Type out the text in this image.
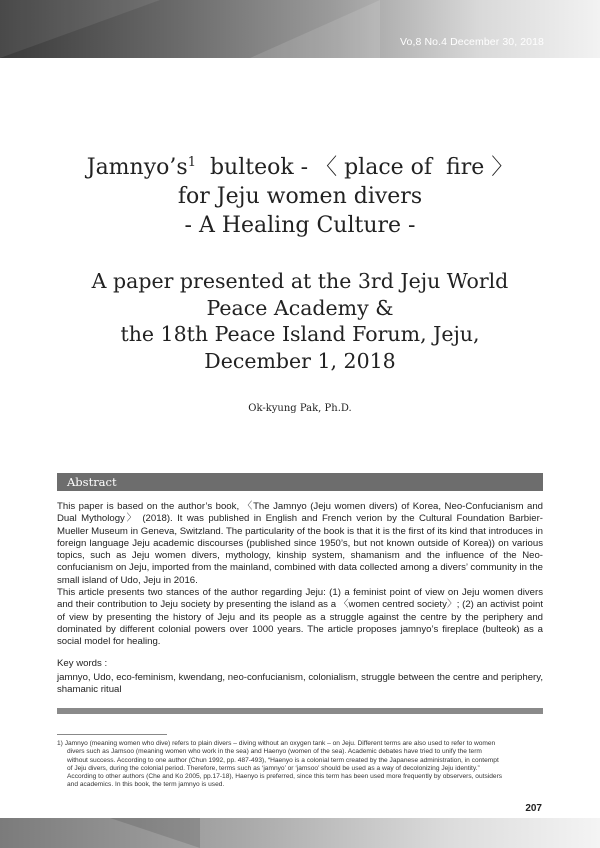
Vo,8 No.4 December 30, 2018
$Jamnyo’s^1$  bulteok - 〈 place of  fire 〉
for Jeju women divers
- A Healing Culture -
A paper presented at the 3rd Jeju World
Peace Academy &
the 18th Peace Island Forum, Jeju,
December 1, 2018
Ok-kyung Pak, Ph.D.
Abstract

This paper is based on the author’s book, 〈The Jamnyo (Jeju women divers) of Korea, Neo-Confucianism and Dual Mythology〉 (2018). It was published in English and French verion by the Cultural Foundation Barbier-Mueller Museum in Geneva, Switzland. The particularity of the book is that it is the first of its kind that introduces in foreign language Jeju academic discourses (published since 1950’s, but not known outside of Korea)) on various topics, such as Jeju women divers, mythology, kinship system, shamanism and the influence of the Neo-confucianism on Jeju, imported from the mainland, combined with data collected among a divers’ community in the small island of Udo, Jeju in 2016.

This article presents two stances of the author regarding Jeju: (1) a feminist point of view on Jeju women divers and their contribution to Jeju society by presenting the island as a 〈women centred society〉; (2) an activist point of view by presenting the history of Jeju and its people as a struggle against the centre by the periphery and dominated by different colonial powers over 1000 years. The article proposes jamnyo’s fireplace (bulteok) as a social model for healing.

Key words :
jamnyo, Udo, eco-feminism, kwendang, neo-confucianism, colonialism, struggle between the centre and periphery, shamanic ritual

1) Jamnyo (meaning women who dive) refers to plain divers – diving without an oxygen tank – on Jeju. Different terms are also used to refer to women

divers such as Jamsoo (meaning women who work in the sea) and Haenyo (women of the sea). Academic debates have tried to unify the term

without success. According to one author (Chun 1992, pp. 487-493), “Haenyo is a colonial term created by the Japanese administration, in contempt

of Jeju divers, during the colonial period. Therefore, terms such as ‘jamnyo’ or ‘jamsoo’ should be used as a way of decolonizing Jeju identity.”

According to other authors (Che and Ko 2005, pp.17-18), Haenyo is preferred, since this term has been used more frequently by observers, outsiders

and academics. In this book, the term jamnyo is used.

207
